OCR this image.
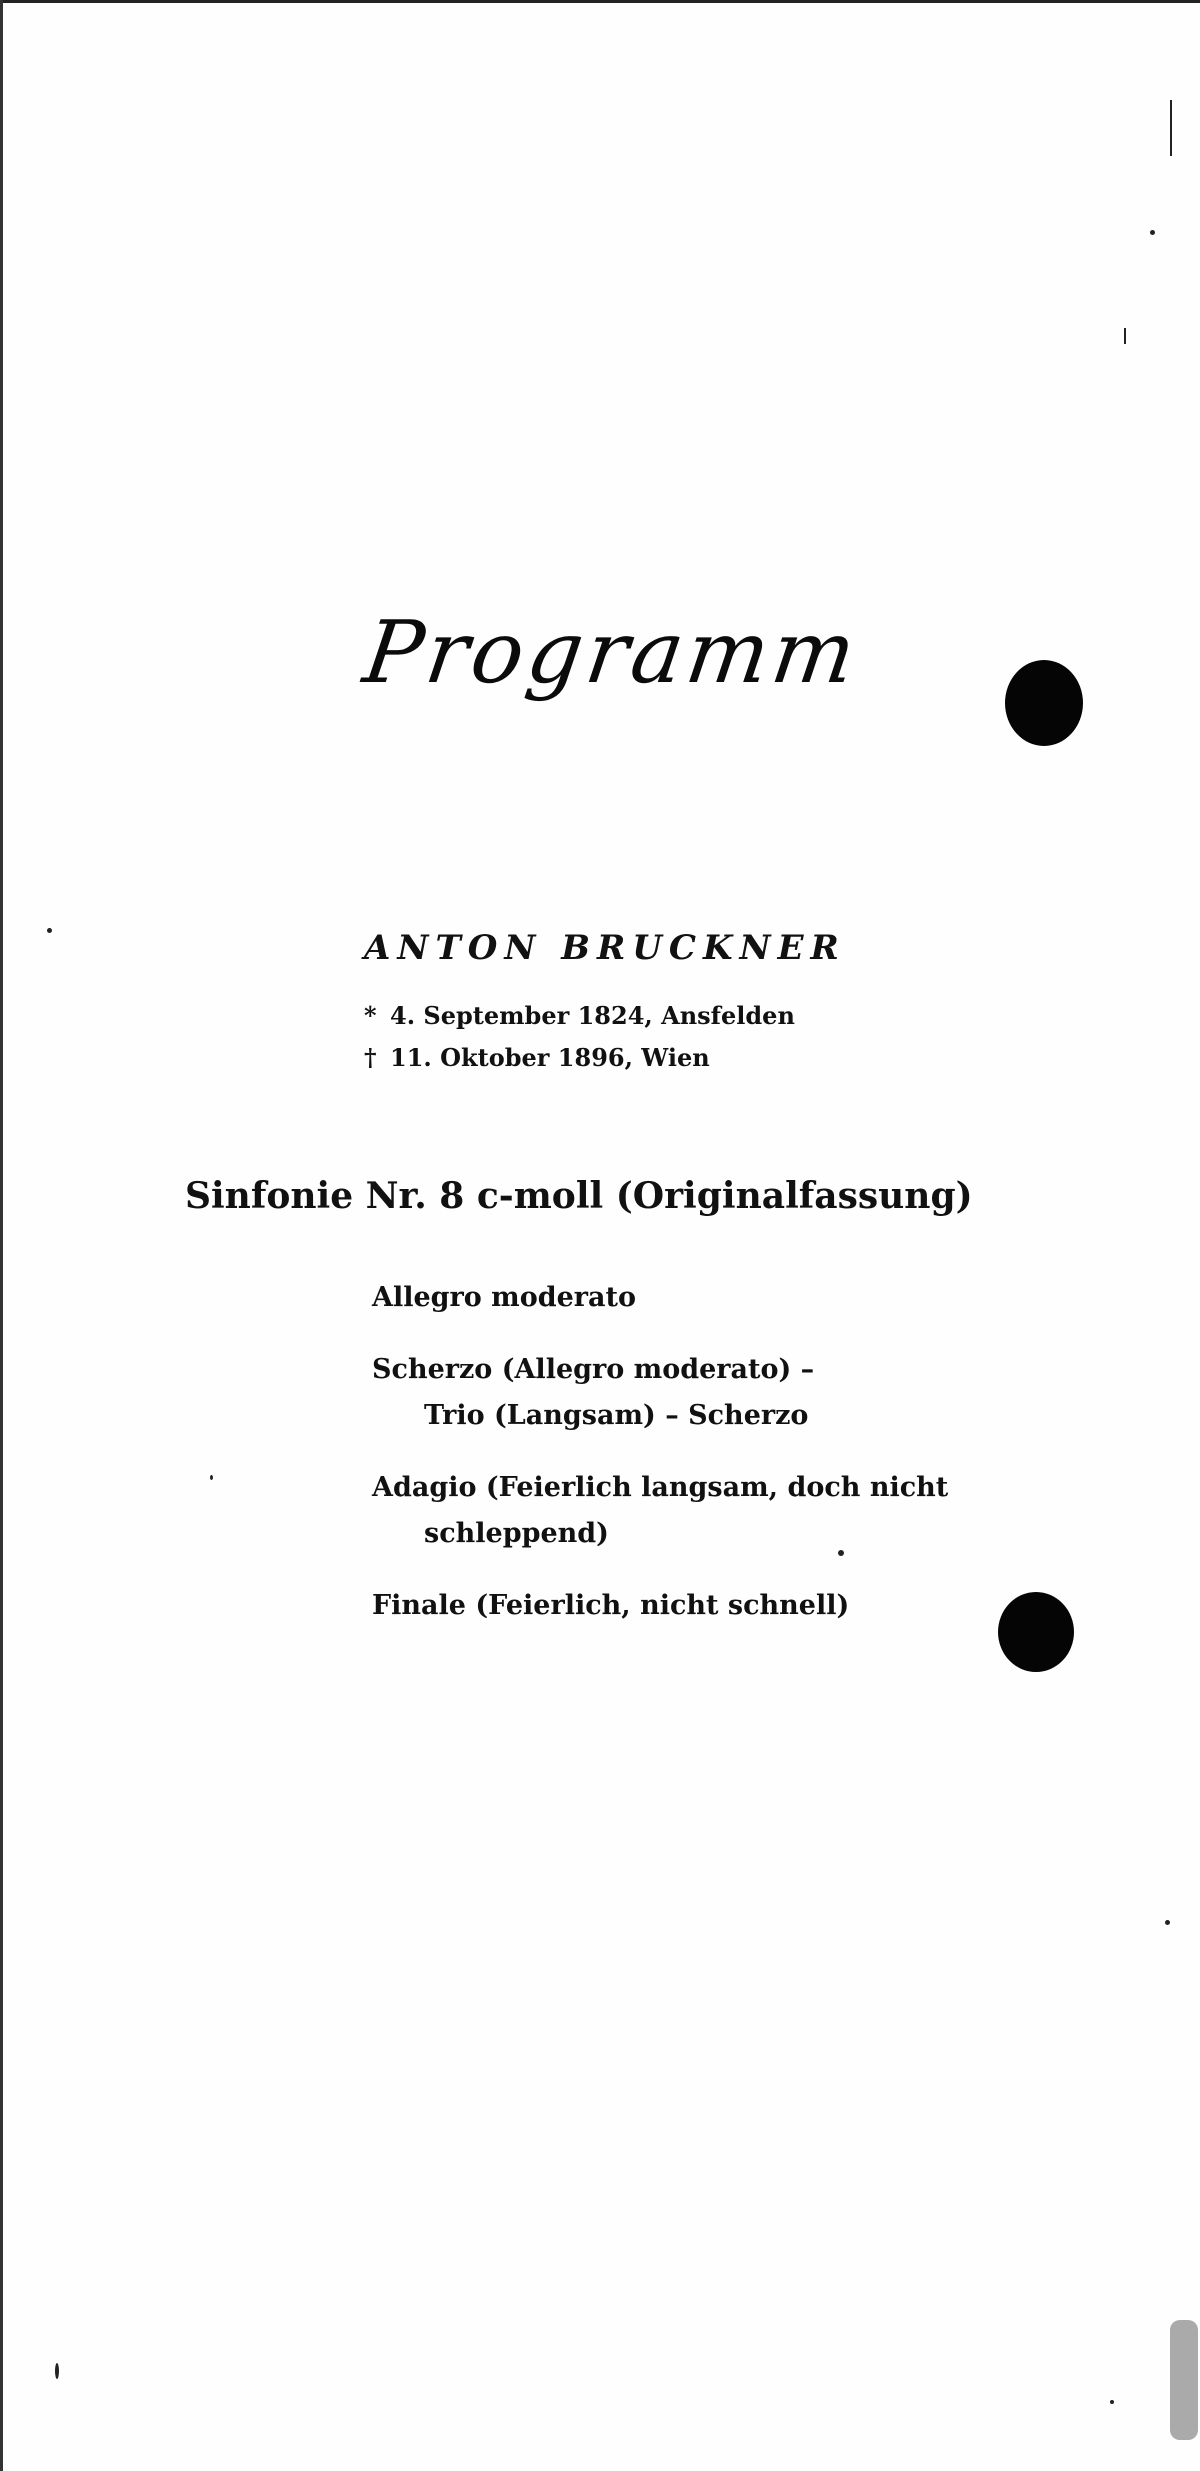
Programm
ANTON BRUCKNER
* 4. September 1824, Ansfelden
† 11. Oktober 1896, Wien
Sinfonie Nr. 8 c-moll (Originalfassung)
Allegro moderato
Scherzo (Allegro moderato) –
Trio (Langsam) – Scherzo
Adagio (Feierlich langsam, doch nicht
schleppend)
Finale (Feierlich, nicht schnell)
